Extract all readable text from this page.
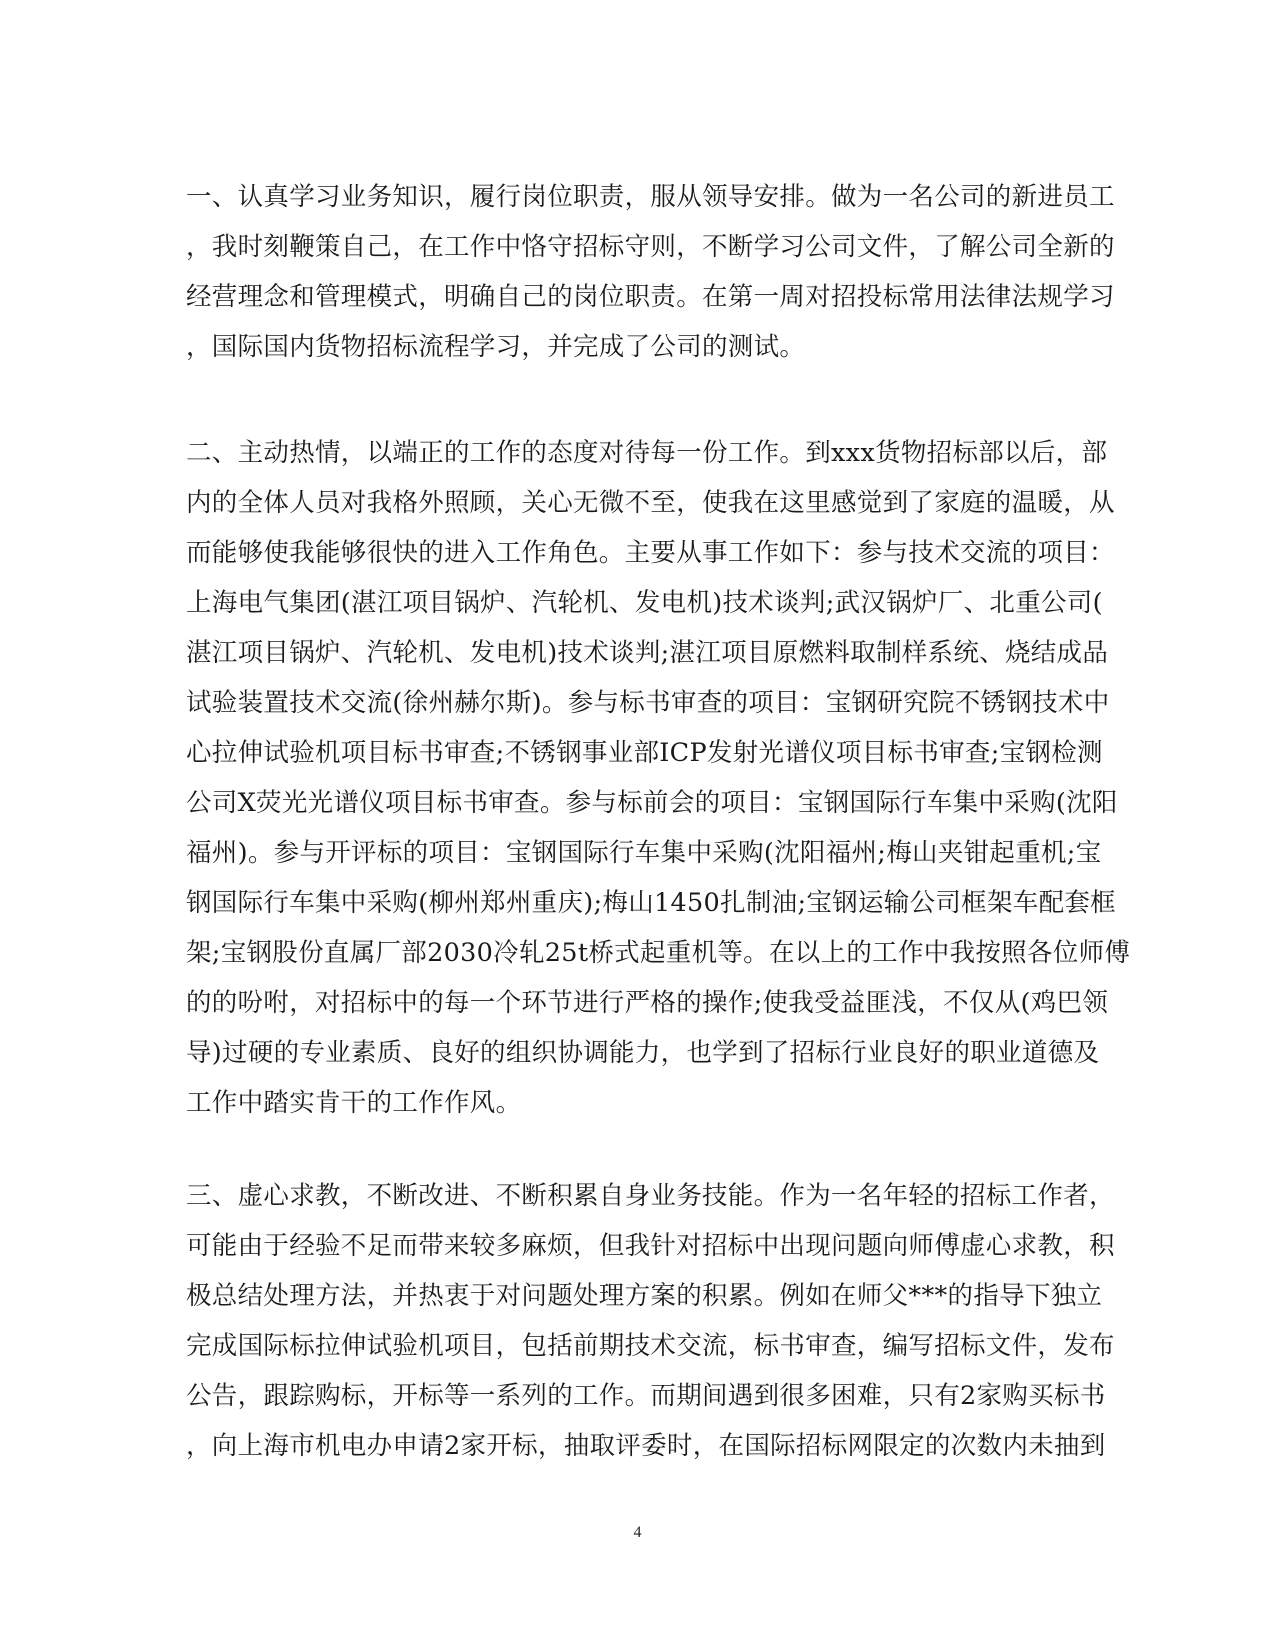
一、认真学习业务知识，履行岗位职责，服从领导安排。做为一名公司的新进员工
，我时刻鞭策自己，在工作中恪守招标守则，不断学习公司文件，了解公司全新的
经营理念和管理模式，明确自己的岗位职责。在第一周对招投标常用法律法规学习
，国际国内货物招标流程学习，并完成了公司的测试。
二、主动热情，以端正的工作的态度对待每一份工作。到xxx货物招标部以后，部
内的全体人员对我格外照顾，关心无微不至，使我在这里感觉到了家庭的温暖，从
而能够使我能够很快的进入工作角色。主要从事工作如下：参与技术交流的项目：
上海电气集团(湛江项目锅炉、汽轮机、发电机)技术谈判;武汉锅炉厂、北重公司(
湛江项目锅炉、汽轮机、发电机)技术谈判;湛江项目原燃料取制样系统、烧结成品
试验装置技术交流(徐州赫尔斯)。参与标书审查的项目：宝钢研究院不锈钢技术中
心拉伸试验机项目标书审查;不锈钢事业部ICP发射光谱仪项目标书审查;宝钢检测
公司X荧光光谱仪项目标书审查。参与标前会的项目：宝钢国际行车集中采购(沈阳
福州)。参与开评标的项目：宝钢国际行车集中采购(沈阳福州;梅山夹钳起重机;宝
钢国际行车集中采购(柳州郑州重庆);梅山1450扎制油;宝钢运输公司框架车配套框
架;宝钢股份直属厂部2030冷轧25t桥式起重机等。在以上的工作中我按照各位师傅
的的吩咐，对招标中的每一个环节进行严格的操作;使我受益匪浅，不仅从(鸡巴领
导)过硬的专业素质、良好的组织协调能力，也学到了招标行业良好的职业道德及
工作中踏实肯干的工作作风。
三、虚心求教，不断改进、不断积累自身业务技能。作为一名年轻的招标工作者，
可能由于经验不足而带来较多麻烦，但我针对招标中出现问题向师傅虚心求教，积
极总结处理方法，并热衷于对问题处理方案的积累。例如在师父***的指导下独立
完成国际标拉伸试验机项目，包括前期技术交流，标书审查，编写招标文件，发布
公告，跟踪购标，开标等一系列的工作。而期间遇到很多困难，只有2家购买标书
，向上海市机电办申请2家开标，抽取评委时，在国际招标网限定的次数内未抽到
4
